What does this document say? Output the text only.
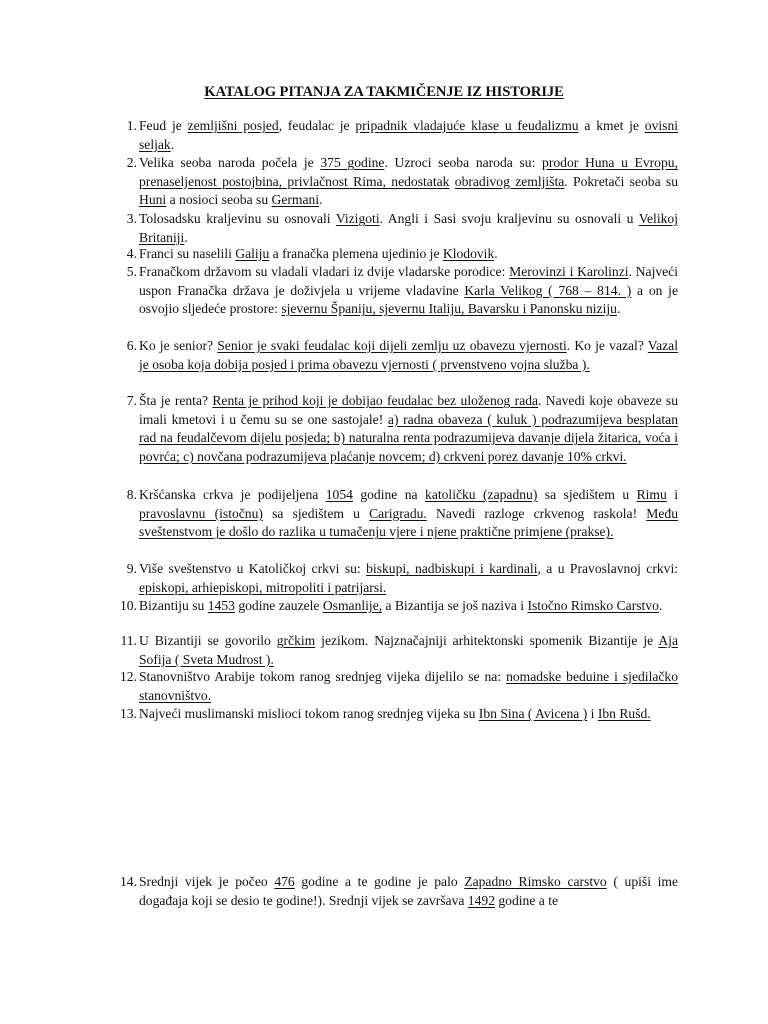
KATALOG PITANJA ZA TAKMIČENJE IZ HISTORIJE
1. Feud je zemljišni posjed, feudalac je pripadnik vladajuće klase u feudalizmu a kmet je ovisni seljak.
2. Velika seoba naroda počela je 375 godine. Uzroci seoba naroda su: prodor Huna u Evropu, prenaseljenost postojbina, privlačnost Rima, nedostatak obradivog zemljišta. Pokretači seoba su Huni a nosioci seoba su Germani.
3. Tolosadsku kraljevinu su osnovali Vizigoti. Angli i Sasi svoju kraljevinu su osnovali u Velikoj Britaniji.
4. Franci su naselili Galiju a franačka plemena ujedinio je Klodovik.
5. Franačkom državom su vladali vladari iz dvije vladarske porodice: Merovinzi i Karolinzi. Najveći uspon Franačka država je doživjela u vrijeme vladavine Karla Velikog ( 768 – 814. ) a on je osvojio sljedeće prostore: sjevernu Španiju, sjevernu Italiju, Bavarsku i Panonsku niziju.
6. Ko je senior? Senior je svaki feudalac koji dijeli zemlju uz obavezu vjernosti. Ko je vazal? Vazal je osoba koja dobija posjed i prima obavezu vjernosti ( prvenstveno vojna služba ).
7. Šta je renta? Renta je prihod koji je dobijao feudalac bez uloženog rada. Navedi koje obaveze su imali kmetovi i u čemu su se one sastojale! a) radna obaveza ( kuluk ) podrazumijeva besplatan rad na feudalčevom dijelu posjeda; b) naturalna renta podrazumijeva davanje dijela žitarica, voća i povrća; c) novčana podrazumijeva plaćanje novcem; d) crkveni porez davanje 10% crkvi.
8. Kršćanska crkva je podijeljena 1054 godine na katoličku (zapadnu) sa sjedištem u Rimu i pravoslavnu (istočnu) sa sjedištem u Carigradu. Navedi razloge crkvenog raskola! Među sveštenstvom je došlo do razlika u tumačenju vjere i njene praktične primjene (prakse).
9. Više sveštenstvo u Katoličkoj crkvi su: biskupi, nadbiskupi i kardinali, a u Pravoslavnoj crkvi: episkopi, arhiepiskopi, mitropoliti i patrijarsi.
10. Bizantiju su 1453 godine zauzele Osmanlije, a Bizantija se još naziva i Istočno Rimsko Carstvo.
11. U Bizantiji se govorilo grčkim jezikom. Najznačajniji arhitektonski spomenik Bizantije je Aja Sofija ( Sveta Mudrost ).
12. Stanovništvo Arabije tokom ranog srednjeg vijeka dijelilo se na: nomadske beduine i sjedilačko stanovništvo.
13. Najveći muslimanski mislioci tokom ranog srednjeg vijeka su Ibn Sina ( Avicena ) i Ibn Rušd.
14. Srednji vijek je počeo 476 godine a te godine je palo Zapadno Rimsko carstvo ( upiši ime događaja koji se desio te godine!). Srednji vijek se završava 1492 godine a te
